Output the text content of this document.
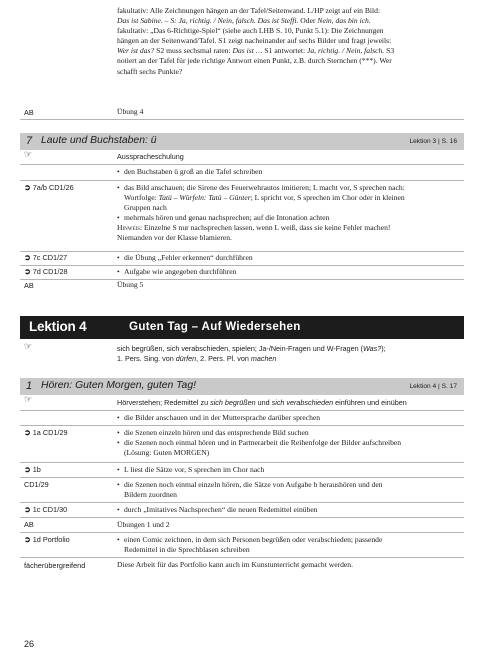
fakultativ: Alle Zeichnungen hängen an der Tafel/Seitenwand. L/HP zeigt auf ein Bild:
Das ist Sabine. – S: Ja, richtig. / Nein, falsch. Das ist Steffi. Oder Nein, das bin ich.
fakultativ: „Das 6-Richtige-Spiel“ (siehe auch LHB S. 10, Punkt 5.1): Die Zeichnungen
hängen an der Seitenwand/Tafel. S1 zeigt nacheinander auf sechs Bilder und fragt jeweils:
Wer ist das? S2 muss sechsmal raten: Das ist … S1 antwortet: Ja, richtig. / Nein, falsch. S3
notiert an der Tafel für jede richtige Antwort einen Punkt, z.B. durch Sternchen (***). Wer
schafft sechs Punkte?
AB	Übung 4
7 Laute und Buchstaben: ü	Lektion 3 | S. 16
☞	Ausspracheschulung
• den Buchstaben ü groß an die Tafel schreiben
➲ 7a/b CD1/26	• das Bild anschauen; die Sirene des Feuerwehrautos imitieren; L macht vor, S sprechen nach:
Wortfolge: Tatü – Würfeln: Tatü – Günter; L spricht vor, S sprechen im Chor oder in kleinen
Gruppen nach
• mehrmals hören und genau nachsprechen; auf die Intonation achten
Hinweis: Einzelne S nur nachsprechen lassen, wenn L weiß, dass sie keine Fehler machen!
Niemanden vor der Klasse blamieren.
➲ 7c CD1/27	• die Übung „Fehler erkennen“ durchführen
➲ 7d CD1/28	• Aufgabe wie angegeben durchführen
AB	Übung 5
Lektion 4	Guten Tag – Auf Wiedersehen
☞	sich begrüßen, sich verabschieden, spielen; Ja-/Nein-Fragen und W-Fragen (Was?);
1. Pers. Sing. von dürfen, 2. Pers. Pl. von machen
1 Hören: Guten Morgen, guten Tag!	Lektion 4 | S. 17
☞	Hörverstehen; Redemittel zu sich begrüßen und sich verabschieden einführen und einüben
• die Bilder anschauen und in der Muttersprache darüber sprechen
➲ 1a CD1/29	• die Szenen einzeln hören und das entsprechende Bild suchen
• die Szenen noch einmal hören und in Partnerarbeit die Reihenfolge der Bilder aufschreiben
(Lösung: Guten MORGEN)
➲ 1b	• L liest die Sätze vor, S sprechen im Chor nach
CD1/29	• die Szenen noch einmal einzeln hören, die Sätze von Aufgabe b heraushören und den
Bildern zuordnen
➲ 1c CD1/30	• durch „Imitatives Nachsprechen“ die neuen Redemittel einüben
AB	Übungen 1 und 2
➲ 1d Portfolio	• einen Comic zeichnen, in dem sich Personen begrüßen oder verabschieden; passende
Redemittel in die Sprechblasen schreiben
fächerübergreifend	Diese Arbeit für das Portfolio kann auch im Kunstunterricht gemacht werden.
26
